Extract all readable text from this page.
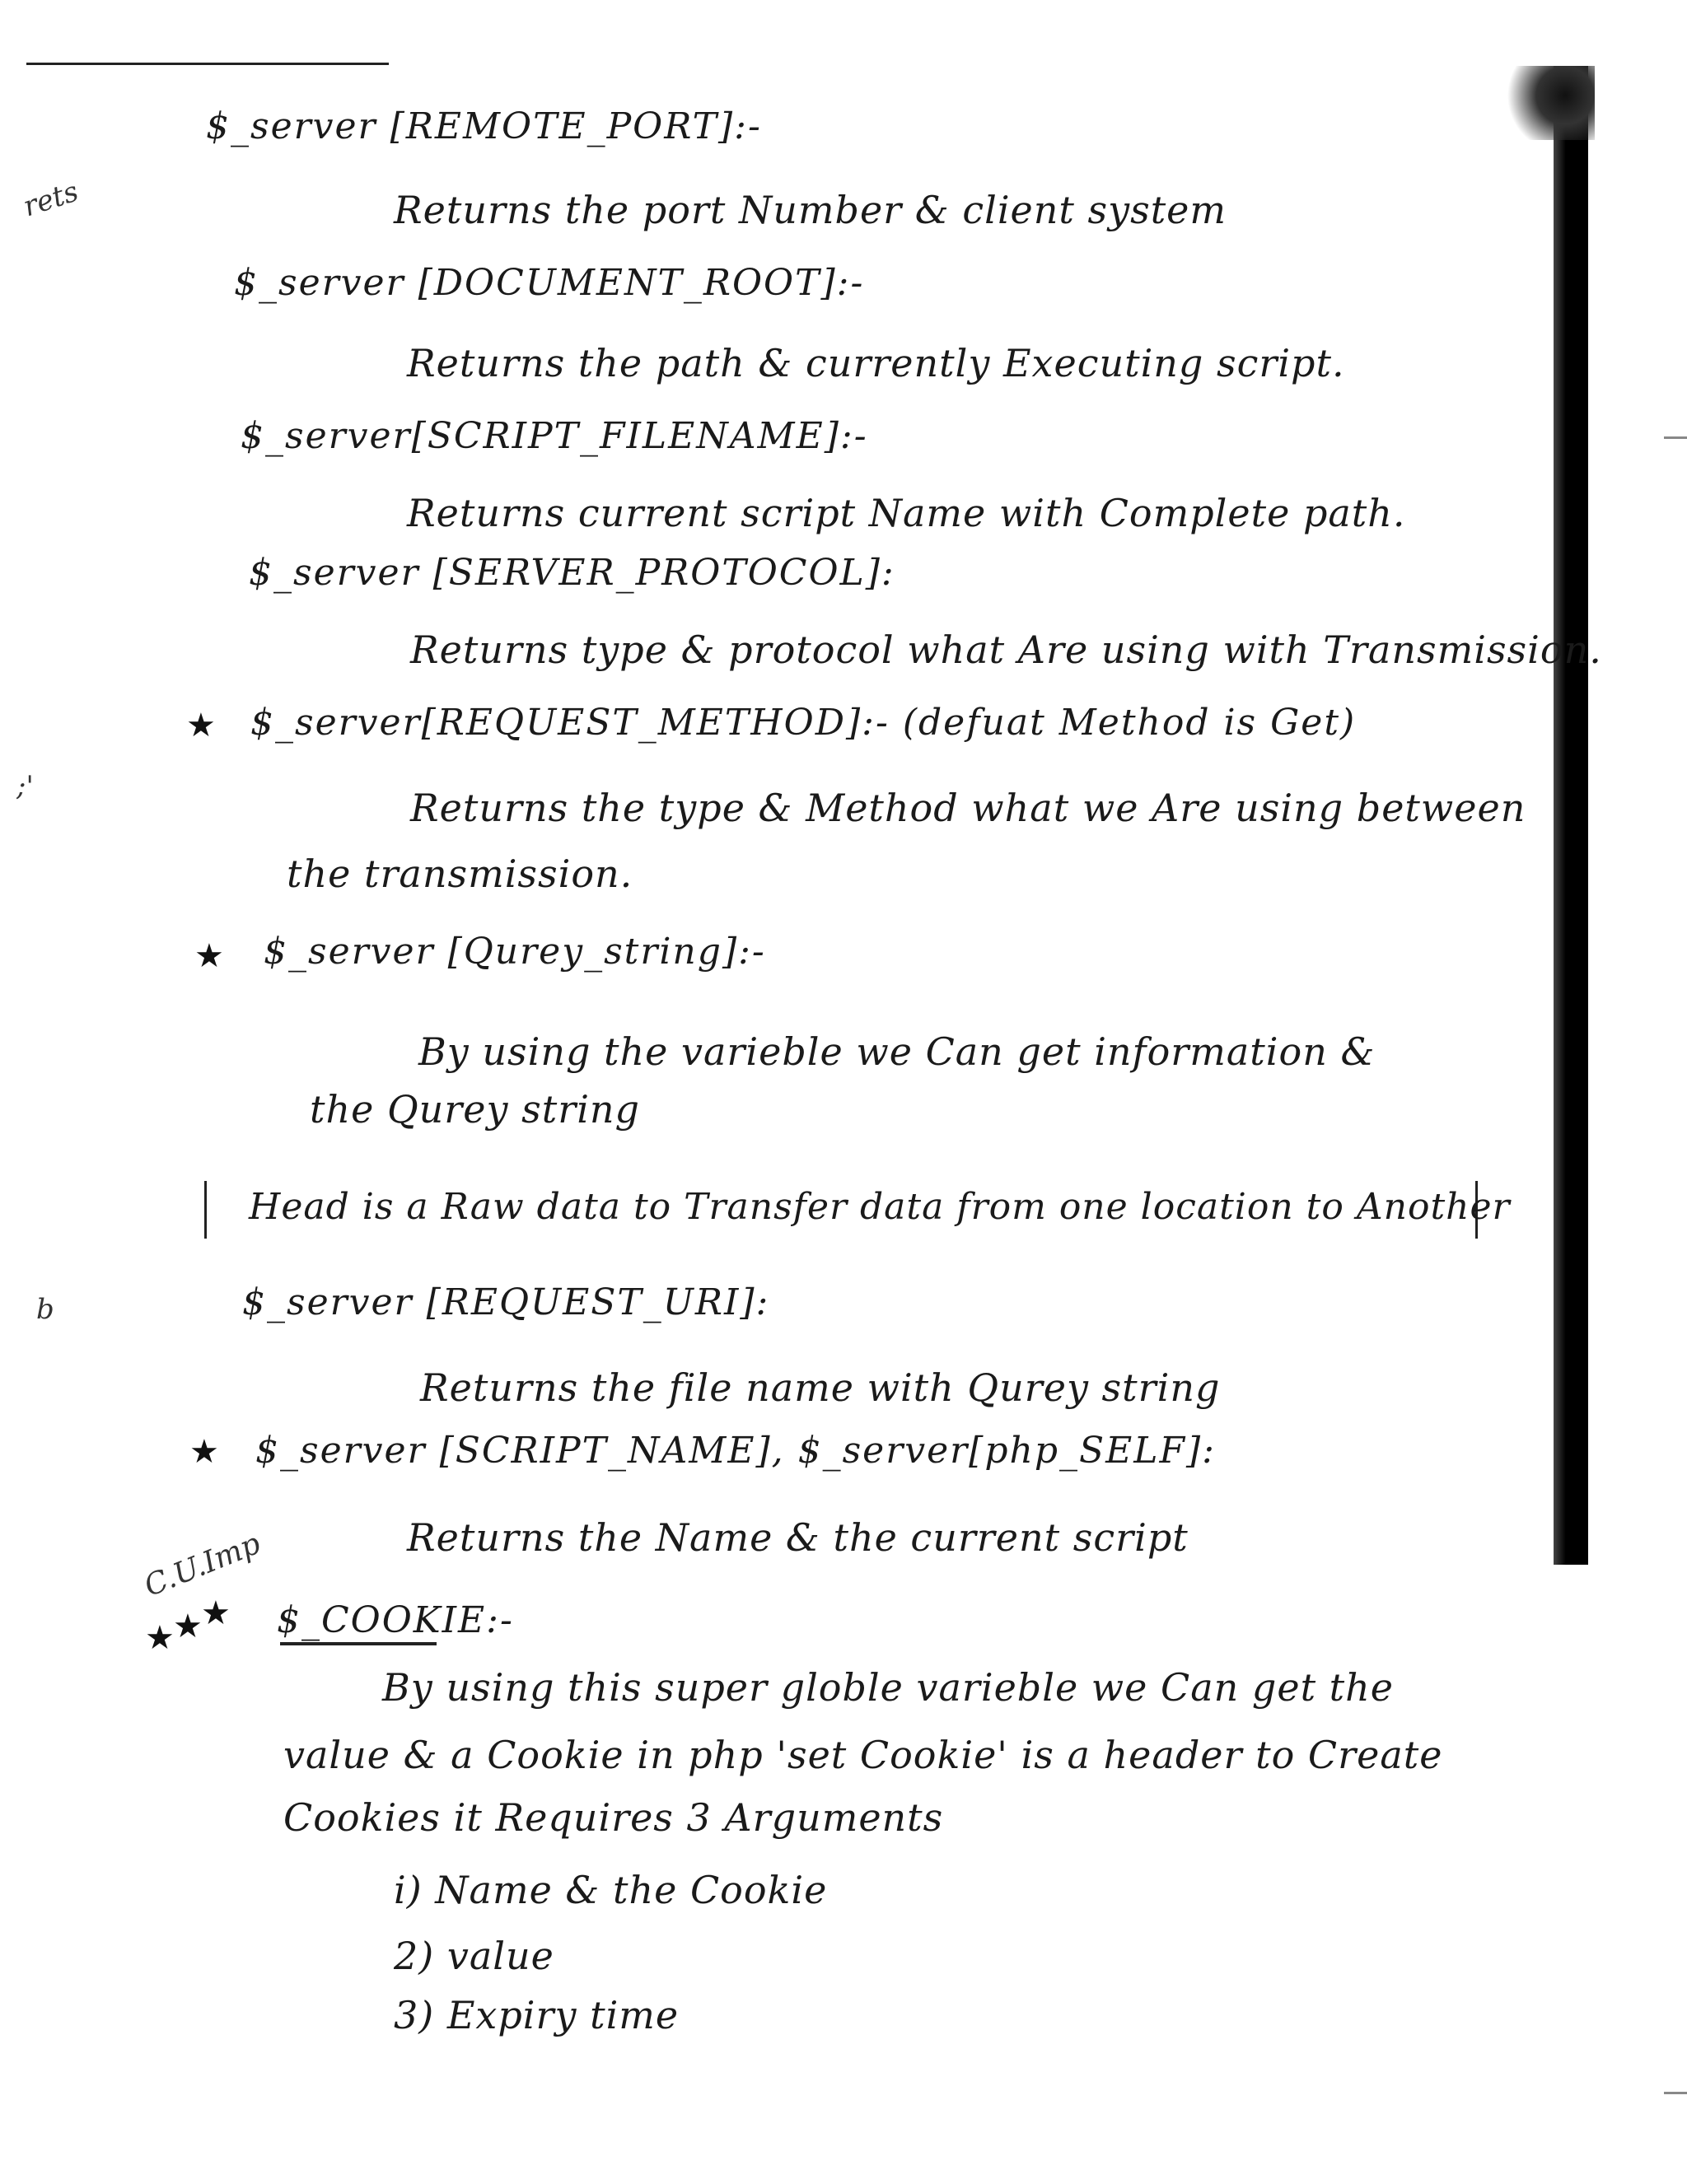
rets
;'
b
C.U.Imp
★
★
★
★
★
★
$_server [REMOTE_PORT]:-
Returns the port Number & client system
$_server [DOCUMENT_ROOT]:-
Returns the path & currently Executing script.
$_server[SCRIPT_FILENAME]:-
Returns current script Name with Complete path.
$_server [SERVER_PROTOCOL]:
Returns type & protocol what Are using with Transmission.
$_server[REQUEST_METHOD]:- (defuat Method is Get)
Returns the type & Method what we Are using between
the transmission.
$_server [Qurey_string]:-
By using the varieble we Can get information &
the Qurey string
Head is a Raw data to Transfer data from one location to Another
$_server [REQUEST_URI]:
Returns the file name with Qurey string
$_server [SCRIPT_NAME], $_server[php_SELF]:
Returns the Name & the current script
$_COOKIE:-
By using this super globle varieble we Can get the
value & a Cookie in php 'set Cookie' is a header to Create
Cookies it Requires 3 Arguments
i) Name & the Cookie
2) value
3) Expiry time
